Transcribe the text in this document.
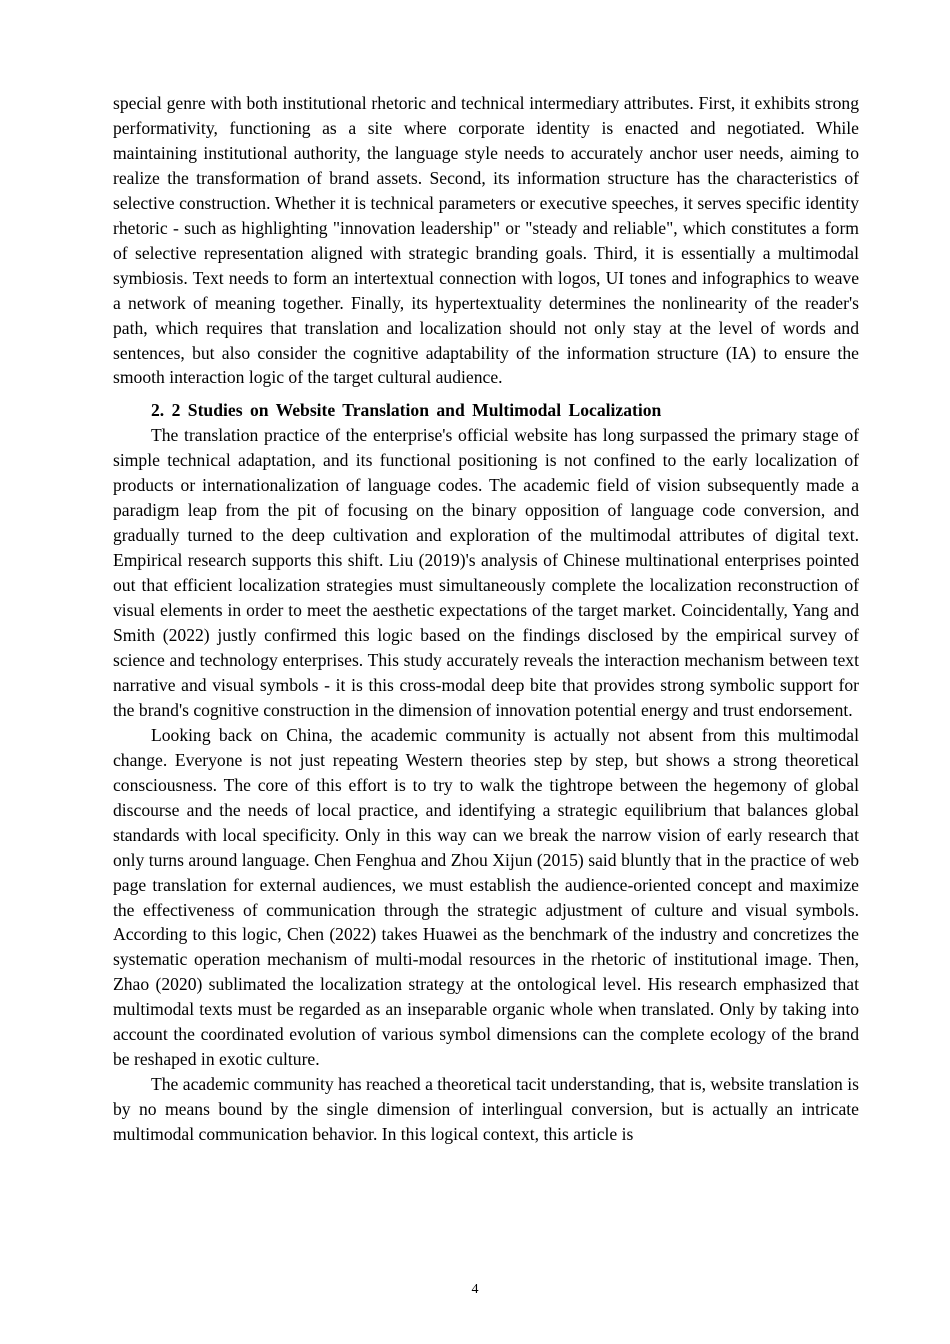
special genre with both institutional rhetoric and technical intermediary attributes. First, it exhibits strong performativity, functioning as a site where corporate identity is enacted and negotiated. While maintaining institutional authority, the language style needs to accurately anchor user needs, aiming to realize the transformation of brand assets. Second, its information structure has the characteristics of selective construction. Whether it is technical parameters or executive speeches, it serves specific identity rhetoric - such as highlighting "innovation leadership" or "steady and reliable", which constitutes a form of selective representation aligned with strategic branding goals. Third, it is essentially a multimodal symbiosis. Text needs to form an intertextual connection with logos, UI tones and infographics to weave a network of meaning together. Finally, its hypertextuality determines the nonlinearity of the reader's path, which requires that translation and localization should not only stay at the level of words and sentences, but also consider the cognitive adaptability of the information structure (IA) to ensure the smooth interaction logic of the target cultural audience.

2. 2 Studies on Website Translation and Multimodal Localization

The translation practice of the enterprise's official website has long surpassed the primary stage of simple technical adaptation, and its functional positioning is not confined to the early localization of products or internationalization of language codes. The academic field of vision subsequently made a paradigm leap from the pit of focusing on the binary opposition of language code conversion, and gradually turned to the deep cultivation and exploration of the multimodal attributes of digital text. Empirical research supports this shift. Liu (2019)'s analysis of Chinese multinational enterprises pointed out that efficient localization strategies must simultaneously complete the localization reconstruction of visual elements in order to meet the aesthetic expectations of the target market. Coincidentally, Yang and Smith (2022) justly confirmed this logic based on the findings disclosed by the empirical survey of science and technology enterprises. This study accurately reveals the interaction mechanism between text narrative and visual symbols - it is this cross-modal deep bite that provides strong symbolic support for the brand's cognitive construction in the dimension of innovation potential energy and trust endorsement.

Looking back on China, the academic community is actually not absent from this multimodal change. Everyone is not just repeating Western theories step by step, but shows a strong theoretical consciousness. The core of this effort is to try to walk the tightrope between the hegemony of global discourse and the needs of local practice, and identifying a strategic equilibrium that balances global standards with local specificity. Only in this way can we break the narrow vision of early research that only turns around language. Chen Fenghua and Zhou Xijun (2015) said bluntly that in the practice of web page translation for external audiences, we must establish the audience-oriented concept and maximize the effectiveness of communication through the strategic adjustment of culture and visual symbols. According to this logic, Chen (2022) takes Huawei as the benchmark of the industry and concretizes the systematic operation mechanism of multi-modal resources in the rhetoric of institutional image. Then, Zhao (2020) sublimated the localization strategy at the ontological level. His research emphasized that multimodal texts must be regarded as an inseparable organic whole when translated. Only by taking into account the coordinated evolution of various symbol dimensions can the complete ecology of the brand be reshaped in exotic culture.

The academic community has reached a theoretical tacit understanding, that is, website translation is by no means bound by the single dimension of interlingual conversion, but is actually an intricate multimodal communication behavior. In this logical context, this article is

4
